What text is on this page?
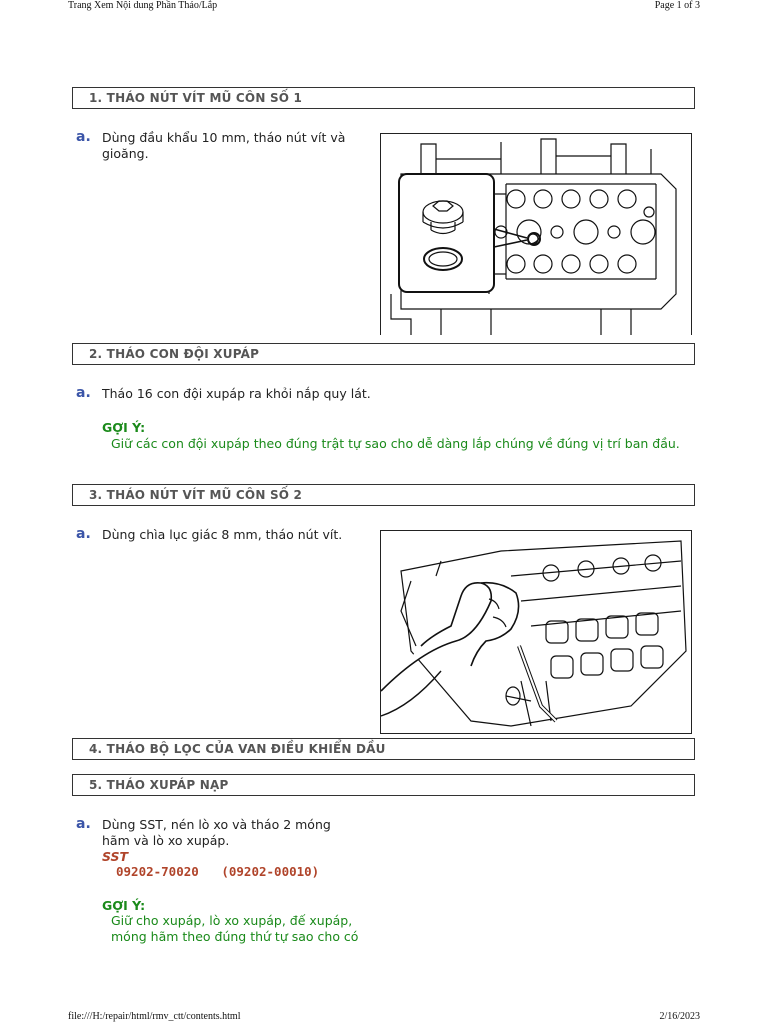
Trang Xem Nội dung Phần Tháo/Lắp	Page 1 of 3
1. THÁO NÚT VÍT MŨ CÔN SỐ 1
a. Dùng đầu khẩu 10 mm, tháo nút vít và
gioăng.
2. THÁO CON ĐỘI XUPÁP
a. Tháo 16 con đội xupáp ra khỏi nắp quy lát.
GỢI Ý:
Giữ các con đội xupáp theo đúng trật tự sao cho dễ dàng lắp chúng về đúng vị trí ban đầu.
3. THÁO NÚT VÍT MŨ CÔN SỐ 2
a. Dùng chìa lục giác 8 mm, tháo nút vít.
4. THÁO BỘ LỌC CỦA VAN ĐIỀU KHIỂN DẦU
5. THÁO XUPÁP NẠP
a. Dùng SST, nén lò xo và tháo 2 móng
hãm và lò xo xupáp.
SST
09202-70020   (09202-00010)
GỢI Ý:
Giữ cho xupáp, lò xo xupáp, đế xupáp,
móng hãm theo đúng thứ tự sao cho có
file:///H:/repair/html/rmv_ctt/contents.html	2/16/2023
